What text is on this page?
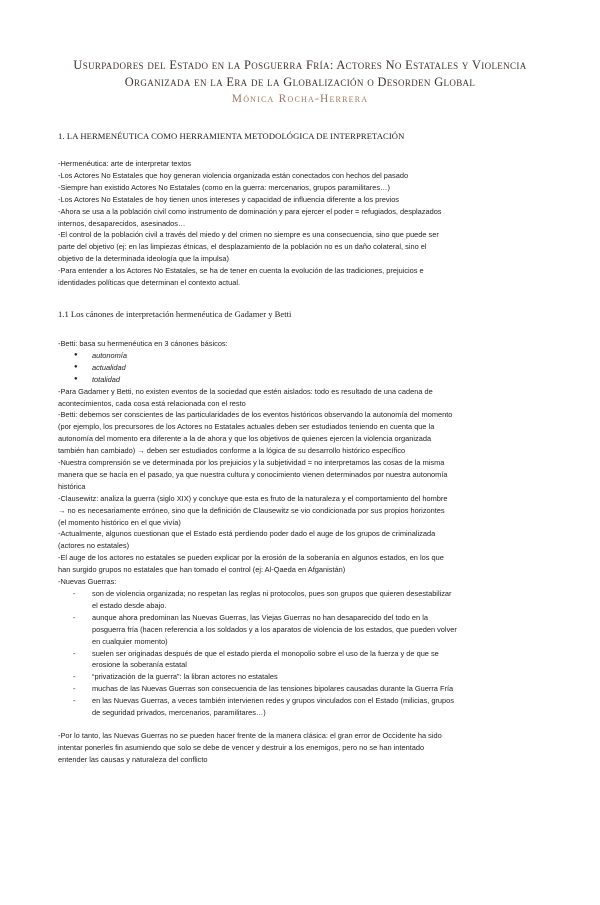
Usurpadores del Estado en la Posguerra Fría: Actores No Estatales y Violencia
Organizada en la Era de la Globalización o Desorden Global
Mónica Rocha-Herrera
1. LA HERMENÉUTICA COMO HERRAMIENTA METODOLÓGICA DE INTERPRETACIÓN
-Hermenéutica: arte de interpretar textos
-Los Actores No Estatales que hoy generan violencia organizada están conectados con hechos del pasado
-Siempre han existido Actores No Estatales (como en la guerra: mercenarios, grupos paramilitares…)
-Los Actores No Estatales de hoy tienen unos intereses y capacidad de influencia diferente a los previos
-Ahora se usa a la población civil como instrumento de dominación y para ejercer el poder = refugiados, desplazados
internos, desaparecidos, asesinados…
-El control de la población civil a través del miedo y del crimen no siempre es una consecuencia, sino que puede ser
parte del objetivo (ej: en las limpiezas étnicas, el desplazamiento de la población no es un daño colateral, sino el
objetivo de la determinada ideología que la impulsa)
-Para entender a los Actores No Estatales, se ha de tener en cuenta la evolución de las tradiciones, prejuicios e
identidades políticas que determinan el contexto actual.
1.1 Los cánones de interpretación hermenéutica de Gadamer y Betti
-Betti: basa su hermenéutica en 3 cánones básicos:
● autonomía
● actualidad
● totalidad
-Para Gadamer y Betti, no existen eventos de la sociedad que estén aislados: todo es resultado de una cadena de
acontecimientos, cada cosa está relacionada con el resto
-Betti: debemos ser conscientes de las particularidades de los eventos históricos observando la autonomía del momento
(por ejemplo, los precursores de los Actores no Estatales actuales deben ser estudiados teniendo en cuenta que la
autonomía del momento era diferente a la de ahora y que los objetivos de quienes ejercen la violencia organizada
también han cambiado) → deben ser estudiados conforme a la lógica de su desarrollo histórico específico
-Nuestra comprensión se ve determinada por los prejuicios y la subjetividad = no interpretamos las cosas de la misma
manera que se hacía en el pasado, ya que nuestra cultura y conocimiento vienen determinados por nuestra autonomía
histórica
-Clausewitz: analiza la guerra (siglo XIX) y concluye que esta es fruto de la naturaleza y el comportamiento del hombre
→ no es necesariamente erróneo, sino que la definición de Clausewitz se vio condicionada por sus propios horizontes
(el momento histórico en el que vivía)
-Actualmente, algunos cuestionan que el Estado está perdiendo poder dado el auge de los grupos de criminalizada
(actores no estatales)
-El auge de los actores no estatales se pueden explicar por la erosión de la soberanía en algunos estados, en los que
han surgido grupos no estatales que han tomado el control (ej: Al-Qaeda en Afganistán)
-Nuevas Guerras:
- son de violencia organizada; no respetan las reglas ni protocolos, pues son grupos que quieren desestabilizar
el estado desde abajo.
- aunque ahora predominan las Nuevas Guerras, las Viejas Guerras no han desaparecido del todo en la
posguerra fría (hacen referencia a los soldados y a los aparatos de violencia de los estados, que pueden volver
en cualquier momento)
- suelen ser originadas después de que el estado pierda el monopolio sobre el uso de la fuerza y de que se
erosione la soberanía estatal
- “privatización de la guerra”: la libran actores no estatales
- muchas de las Nuevas Guerras son consecuencia de las tensiones bipolares causadas durante la Guerra Fría
- en las Nuevas Guerras, a veces también intervienen redes y grupos vinculados con el Estado (milicias, grupos
de seguridad privados, mercenarios, paramilitares…)
-Por lo tanto, las Nuevas Guerras no se pueden hacer frente de la manera clásica: el gran error de Occidente ha sido
intentar ponerles fin asumiendo que solo se debe de vencer y destruir a los enemigos, pero no se han intentado
entender las causas y naturaleza del conflicto
